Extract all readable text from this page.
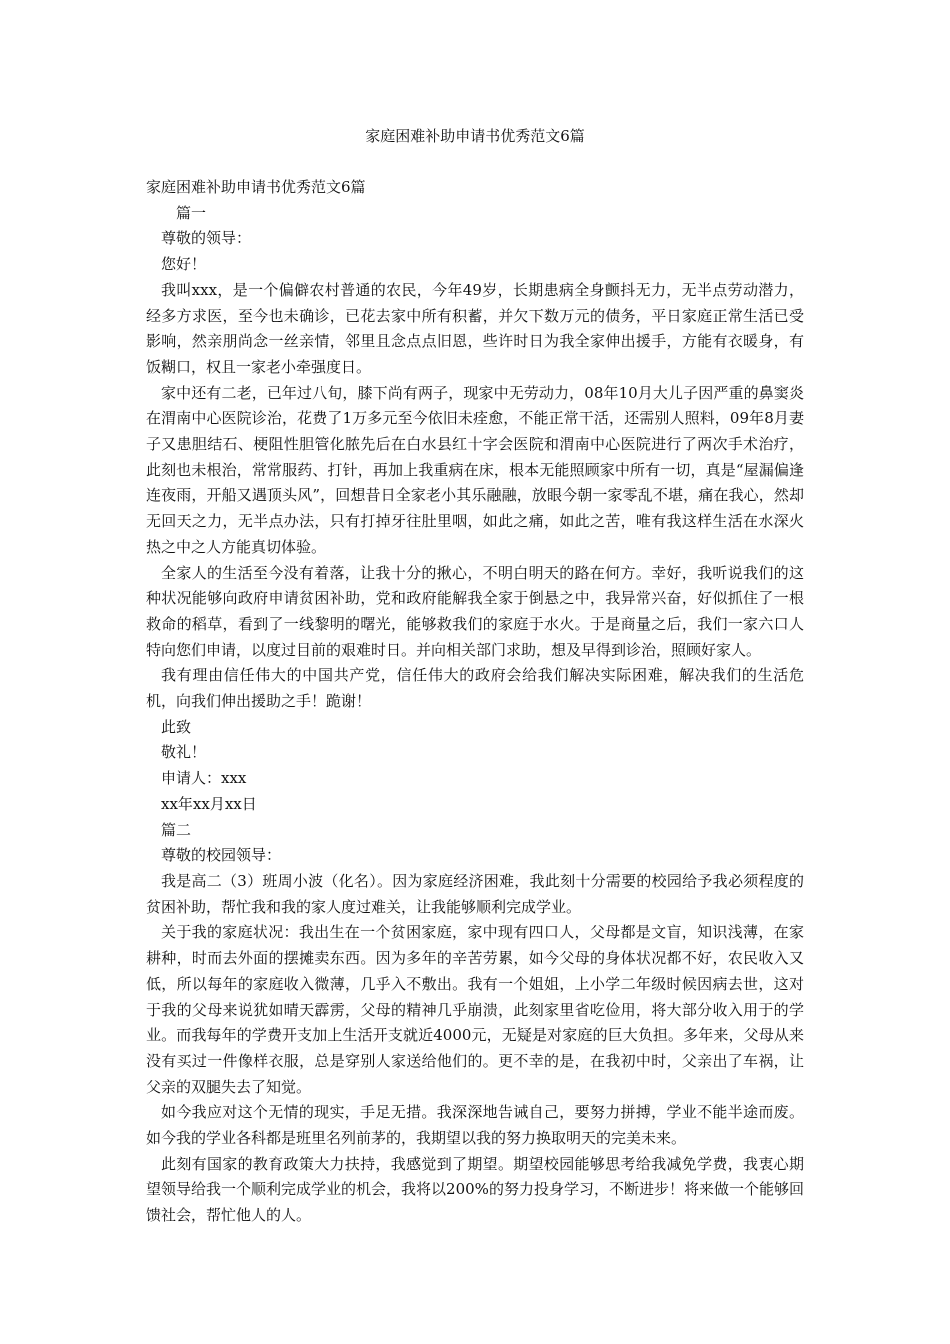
家庭困难补助申请书优秀范文6篇

家庭困难补助申请书优秀范文6篇

篇一

尊敬的领导：

您好！

我叫xxx，是一个偏僻农村普通的农民，今年49岁，长期患病全身颤抖无力，无半点劳动潜力，经多方求医，至今也未确诊，已花去家中所有积蓄，并欠下数万元的债务，平日家庭正常生活已受影响，然亲朋尚念一丝亲情，邻里且念点点旧恩，些许时日为我全家伸出援手，方能有衣暖身，有饭糊口，权且一家老小牵强度日。

家中还有二老，已年过八旬，膝下尚有两子，现家中无劳动力，08年10月大儿子因严重的鼻窦炎在渭南中心医院诊治，花费了1万多元至今依旧未痊愈，不能正常干活，还需别人照料，09年8月妻子又患胆结石、梗阻性胆管化脓先后在白水县红十字会医院和渭南中心医院进行了两次手术治疗，此刻也未根治，常常服药、打针，再加上我重病在床，根本无能照顾家中所有一切，真是“屋漏偏逢连夜雨，开船又遇顶头风”，回想昔日全家老小其乐融融，放眼今朝一家零乱不堪，痛在我心，然却无回天之力，无半点办法，只有打掉牙往肚里咽，如此之痛，如此之苦，唯有我这样生活在水深火热之中之人方能真切体验。

全家人的生活至今没有着落，让我十分的揪心，不明白明天的路在何方。幸好，我听说我们的这种状况能够向政府申请贫困补助，党和政府能解我全家于倒悬之中，我异常兴奋，好似抓住了一根救命的稻草，看到了一线黎明的曙光，能够救我们的家庭于水火。于是商量之后，我们一家六口人特向您们申请，以度过目前的艰难时日。并向相关部门求助，想及早得到诊治，照顾好家人。

我有理由信任伟大的中国共产党，信任伟大的政府会给我们解决实际困难，解决我们的生活危机，向我们伸出援助之手！跪谢！

此致

敬礼！

申请人：xxx

xx年xx月xx日

篇二

尊敬的校园领导：

我是高二（3）班周小波（化名）。因为家庭经济困难，我此刻十分需要的校园给予我必须程度的贫困补助，帮忙我和我的家人度过难关，让我能够顺利完成学业。

关于我的家庭状况：我出生在一个贫困家庭，家中现有四口人，父母都是文盲，知识浅薄，在家耕种，时而去外面的摆摊卖东西。因为多年的辛苦劳累，如今父母的身体状况都不好，农民收入又低，所以每年的家庭收入微薄，几乎入不敷出。我有一个姐姐，上小学二年级时候因病去世，这对于我的父母来说犹如晴天霹雳，父母的精神几乎崩溃，此刻家里省吃俭用，将大部分收入用于的学业。而我每年的学费开支加上生活开支就近4000元，无疑是对家庭的巨大负担。多年来，父母从来没有买过一件像样衣服，总是穿别人家送给他们的。更不幸的是，在我初中时，父亲出了车祸，让父亲的双腿失去了知觉。

如今我应对这个无情的现实，手足无措。我深深地告诫自己，要努力拼搏，学业不能半途而废。如今我的学业各科都是班里名列前茅的，我期望以我的努力换取明天的完美未来。

此刻有国家的教育政策大力扶持，我感觉到了期望。期望校园能够思考给我减免学费，我衷心期望领导给我一个顺利完成学业的机会，我将以200%的努力投身学习，不断进步！将来做一个能够回馈社会，帮忙他人的人。
